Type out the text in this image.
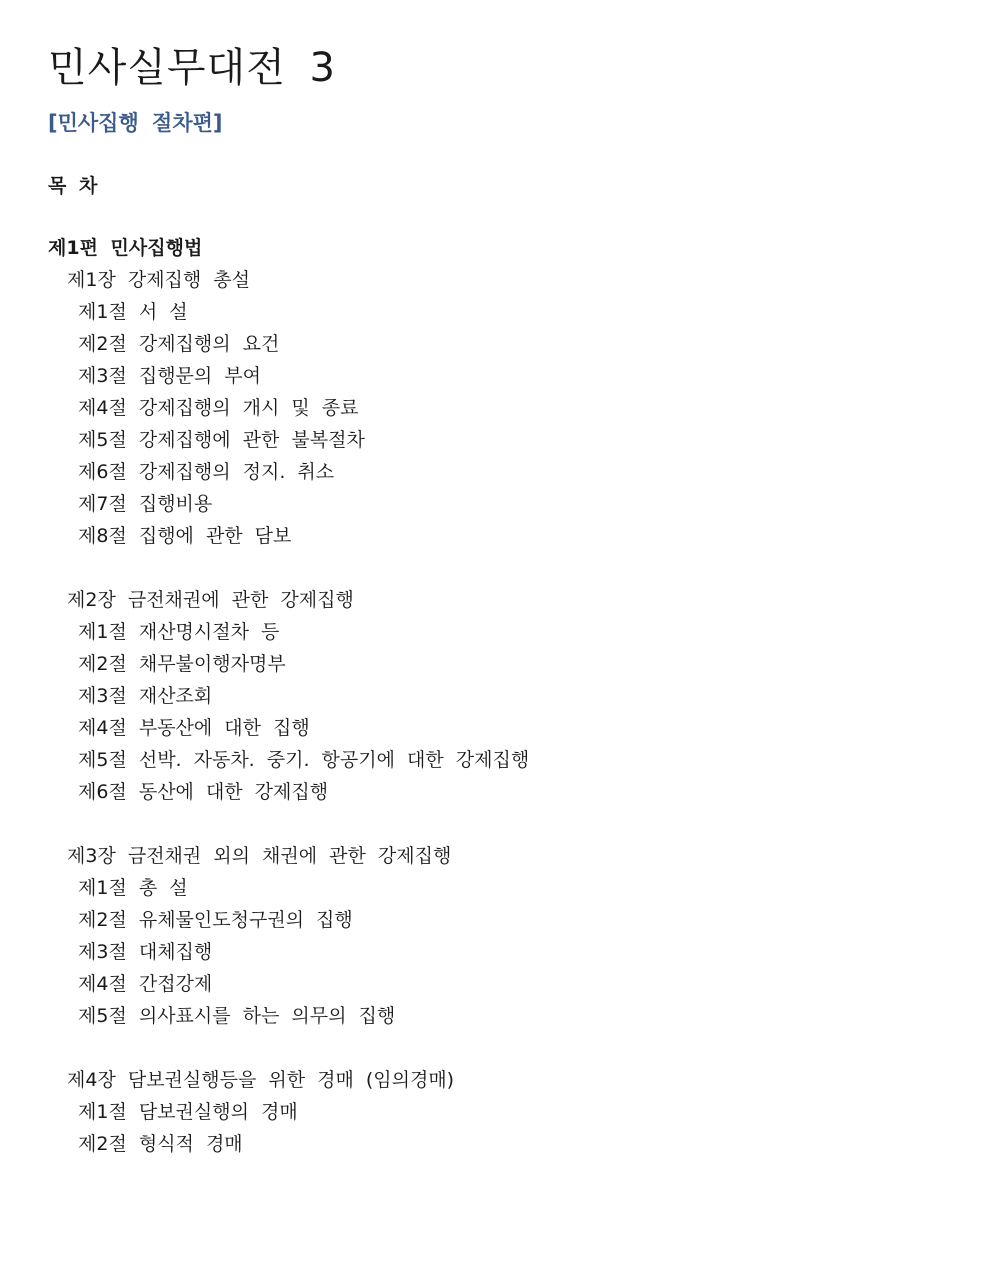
민사실무대전 3
[민사집행 절차편]
목 차
제1편 민사집행법
제1장 강제집행 총설
제1절 서 설
제2절 강제집행의 요건
제3절 집행문의 부여
제4절 강제집행의 개시 및 종료
제5절 강제집행에 관한 불복절차
제6절 강제집행의 정지. 취소
제7절 집행비용
제8절 집행에 관한 담보
제2장 금전채권에 관한 강제집행
제1절 재산명시절차 등
제2절 채무불이행자명부
제3절 재산조회
제4절 부동산에 대한 집행
제5절 선박. 자동차. 중기. 항공기에 대한 강제집행
제6절 동산에 대한 강제집행
제3장 금전채권 외의 채권에 관한 강제집행
제1절 총 설
제2절 유체물인도청구권의 집행
제3절 대체집행
제4절 간접강제
제5절 의사표시를 하는 의무의 집행
제4장 담보권실행등을 위한 경매 (임의경매)
제1절 담보권실행의 경매
제2절 형식적 경매
